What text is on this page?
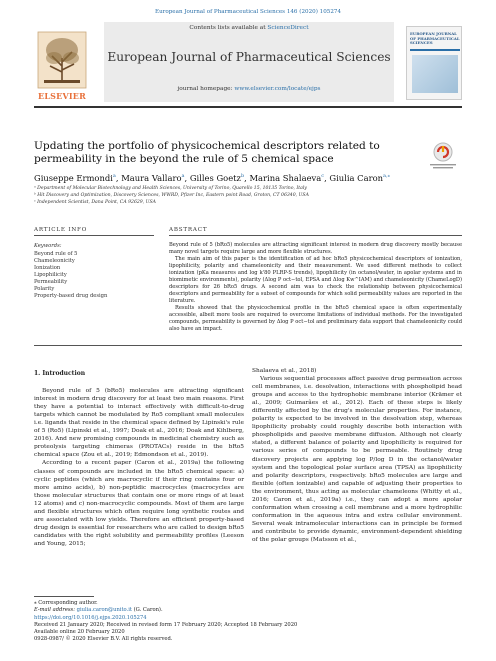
European Journal of Pharmaceutical Sciences 146 (2020) 105274
ELSEVIER
Contents lists available at ScienceDirect
European Journal of Pharmaceutical Sciences
journal homepage: www.elsevier.com/locate/ejps
EUROPEAN JOURNAL OF PHARMACEUTICAL SCIENCES
Updating the portfolio of physicochemical descriptors related to permeability in the beyond the rule of 5 chemical space
Giuseppe Ermondi$^a$, Maura Vallaro$^a$, Gilles Goetz$^b$, Marina Shalaeva$^c$, Giulia Caron$^{a,⁎}$
ᵃ Department of Molecular Biotechnology and Health Sciences, University of Torino, Quarello 15, 10135 Torino, Italy
ᵇ Hit Discovery and Optimization, Discovery Sciences, WWRD, Pfizer Inc, Eastern point Road, Groton, CT 06340, USA
ᶜ Independent Scientist, Dana Point, CA 92629, USA
ARTICLE INFO	ABSTRACT
Keywords:
Beyond rule of 5
Chameleonicity
Ionization
Lipophilicity
Permeability
Polarity
Property-based drug design

Beyond rule of 5 (bRo5) molecules are attracting significant interest in modern drug discovery mostly because many novel targets require large and more flexible structures.

The main aim of this paper is the identification of ad hoc bRo5 physicochemical descriptors of ionization, lipophilicity, polarity and chameleonicity and their measurement. We used different methods to collect ionization (pKa measures and log k'80 PLRP-S trends), lipophilicity (in octanol/water, in apolar systems and in biomimetic environments), polarity (Δlog P oct−tol, EPSA and Δlog Kw^IAM) and chameleonicity (ChameLogD) descriptors for 26 bRo5 drugs. A second aim was to check the relationship between physicochemical descriptors and permeability for a subset of compounds for which solid permeability values are reported in the literature.

Results showed that the physicochemical profile in the bRo5 chemical space is often experimentally accessible, albeit more tools are required to overcome limitations of individual methods. For the investigated compounds, permeability is governed by Δlog P oct−tol and preliminary data support that chameleonicity could also have an impact.

1. Introduction

Beyond rule of 5 (bRo5) molecules are attracting significant interest in modern drug discovery for at least two main reasons. First they have a potential to interact effectively with difficult-to-drug targets which cannot be modulated by Ro5 compliant small molecules i.e. ligands that reside in the chemical space defined by Lipinski's rule of 5 (Ro5) (Lipinski et al., 1997; Doak et al., 2016; Doak and Kihlberg, 2016). And new promising compounds in medicinal chemistry such as proteolysis targeting chimeras (PROTACs) reside in the bRo5 chemical space (Zou et al., 2019; Edmondson et al., 2019).

According to a recent paper (Caron et al., 2019a) the following classes of compounds are included in the bRo5 chemical space: a) cyclic peptides (which are macrocyclic if their ring contains four or more amino acids), b) non-peptidic macrocycles (macrocycles are those molecular structures that contain one or more rings of at least 12 atoms) and c) non-macrocyclic compounds. Most of them are large and flexible structures which often require long synthetic routes and are associated with low yields. Therefore an efficient property-based drug design is essential for researchers who are called to design bRo5 candidates with the right solubility and permeability profiles (Leeson and Young, 2015;

Shalaeva et al., 2018)

Various sequential processes affect passive drug permeation across cell membranes, i.e. desolvation, interactions with phospholipid head groups and access to the hydrophobic membrane interior (Krämer et al., 2009; Guimarães et al., 2012). Each of these steps is likely differently affected by the drug's molecular properties. For instance, polarity is expected to be involved in the desolvation step, whereas lipophilicity probably could roughly describe both interaction with phospholipids and passive membrane diffusion. Although not clearly stated, a different balance of polarity and lipophilicity is required for various series of compounds to be permeable. Routinely drug discovery projects are applying log P/log D in the octanol/water system and the topological polar surface area (TPSA) as lipophilicity and polarity descriptors, respectively. bRo5 molecules are large and flexible (often ionizable) and capable of adjusting their properties to the environment, thus acting as molecular chameleons (Whitty et al., 2016; Caron et al., 2019a) i.e., they can adopt a more apolar conformation when crossing a cell membrane and a more hydrophilic conformation in the aqueous intra and extra cellular environment. Several weak intramolecular interactions can in principle be formed and contribute to provide dynamic, environment-dependent shielding of the polar groups (Matsson et al.,

⁎ Corresponding author.
E-mail address: giulia.caron@unito.it (G. Caron).
https://doi.org/10.1016/j.ejps.2020.105274
Received 21 January 2020; Received in revised form 17 February 2020; Accepted 18 February 2020
Available online 20 February 2020
0928-0987/ © 2020 Elsevier B.V. All rights reserved.
